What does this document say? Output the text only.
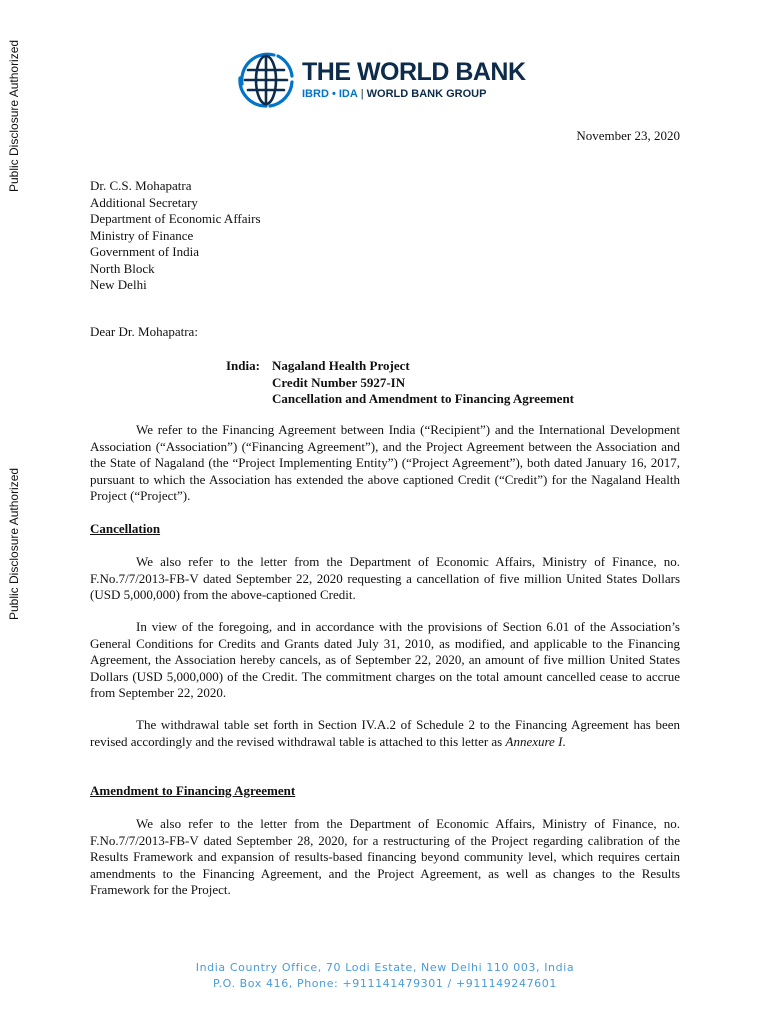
Public Disclosure Authorized
Public Disclosure Authorized
THE WORLD BANK
IBRD • IDA | WORLD BANK GROUP
November 23, 2020
Dr. C.S. Mohapatra
Additional Secretary
Department of Economic Affairs
Ministry of Finance
Government of India
North Block
New Delhi
Dear Dr. Mohapatra:
India: Nagaland Health Project
Credit Number 5927-IN
Cancellation and Amendment to Financing Agreement

We refer to the Financing Agreement between India (“Recipient”) and the International Development Association (“Association”) (“Financing Agreement”), and the Project Agreement between the Association and the State of Nagaland (the “Project Implementing Entity”) (“Project Agreement”), both dated January 16, 2017, pursuant to which the Association has extended the above captioned Credit (“Credit”) for the Nagaland Health Project (“Project”).

Cancellation

We also refer to the letter from the Department of Economic Affairs, Ministry of Finance, no. F.No.7/7/2013-FB-V dated September 22, 2020 requesting a cancellation of five million United States Dollars (USD 5,000,000) from the above-captioned Credit.

In view of the foregoing, and in accordance with the provisions of Section 6.01 of the Association’s General Conditions for Credits and Grants dated July 31, 2010, as modified, and applicable to the Financing Agreement, the Association hereby cancels, as of September 22, 2020, an amount of five million United States Dollars (USD 5,000,000) of the Credit. The commitment charges on the total amount cancelled cease to accrue from September 22, 2020.

The withdrawal table set forth in Section IV.A.2 of Schedule 2 to the Financing Agreement has been revised accordingly and the revised withdrawal table is attached to this letter as Annexure I.

Amendment to Financing Agreement

We also refer to the letter from the Department of Economic Affairs, Ministry of Finance, no. F.No.7/7/2013-FB-V dated September 28, 2020, for a restructuring of the Project regarding calibration of the Results Framework and expansion of results-based financing beyond community level, which requires certain amendments to the Financing Agreement, and the Project Agreement, as well as changes to the Results Framework for the Project.

India Country Office, 70 Lodi Estate, New Delhi 110 003, India
P.O. Box 416, Phone: +911141479301 / +911149247601
